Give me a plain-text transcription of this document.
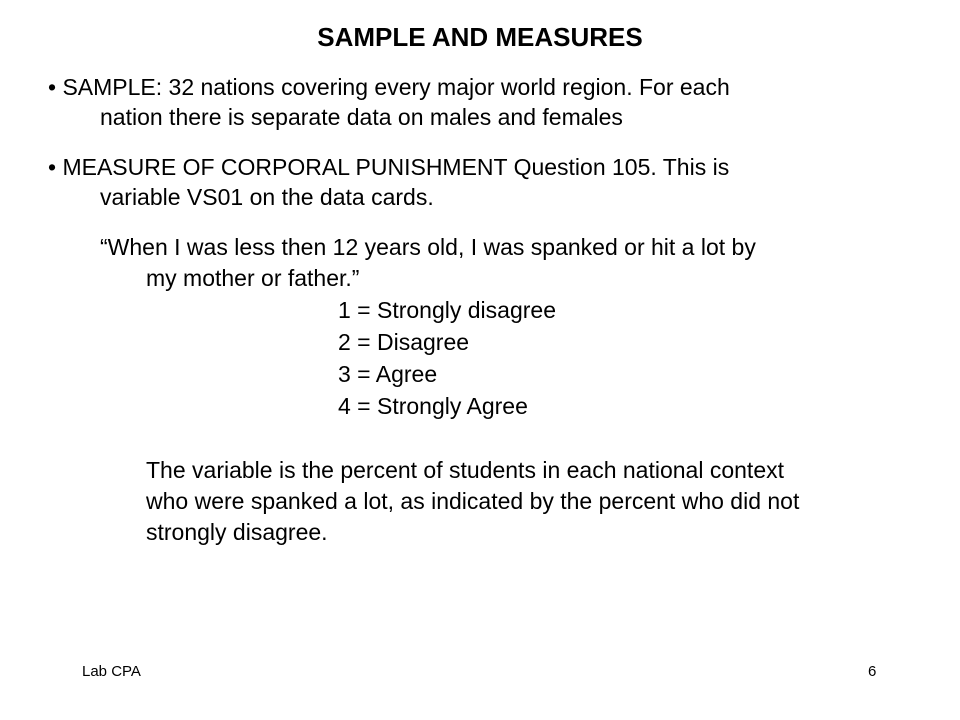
SAMPLE AND MEASURES
• SAMPLE: 32 nations covering every major world region. For each
nation there is separate data on males and females
• MEASURE OF CORPORAL PUNISHMENT Question 105. This is
variable VS01 on the data cards.
“When I was less then 12 years old, I was spanked or hit a lot by
my mother or father.”
1 = Strongly disagree
2 = Disagree
3 = Agree
4 = Strongly Agree
The variable is the percent of students in each national context
who were spanked a lot, as indicated by the percent who did not
strongly disagree.
Lab CPA	6
